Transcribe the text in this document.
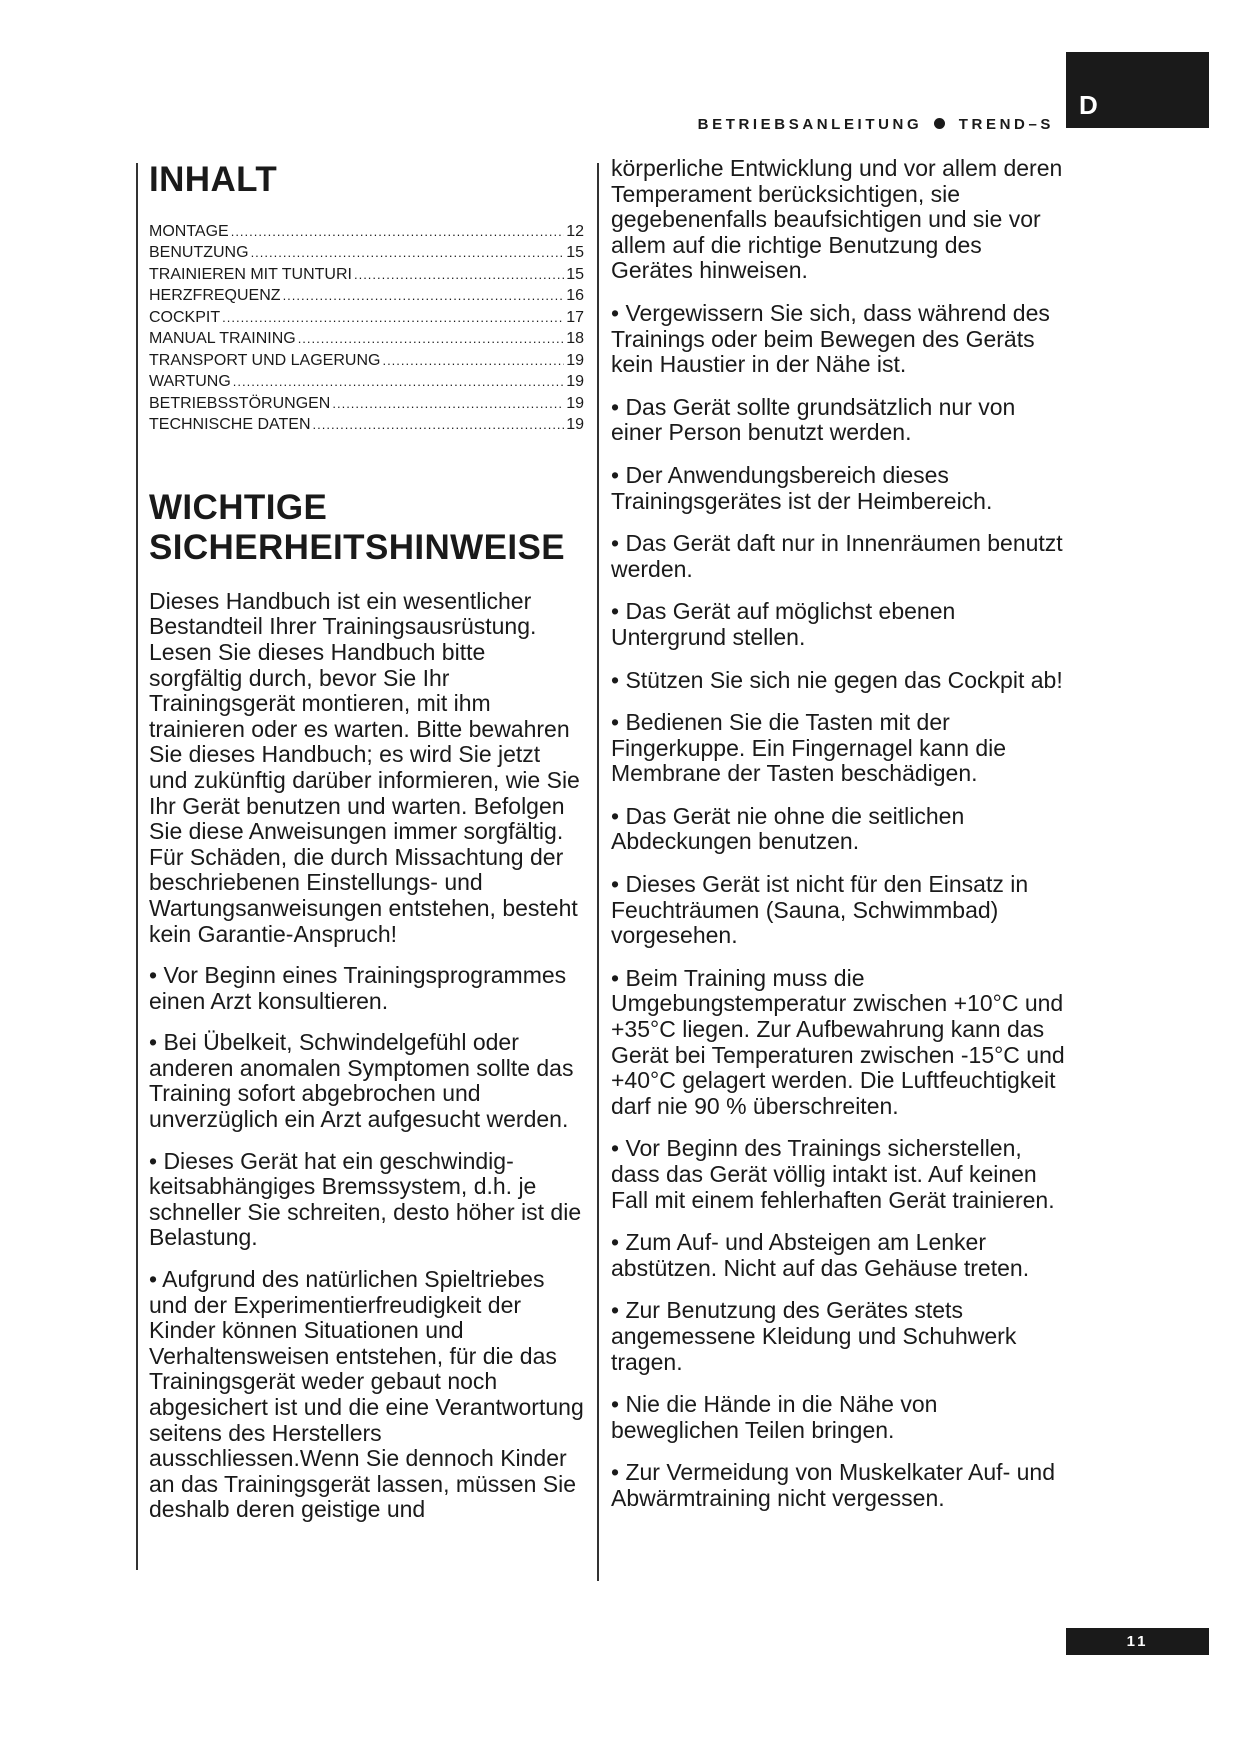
D
BETRIEBSANLEITUNG TREND–S
INHALT
MONTAGE .....	12
BENUTZUNG .....	15
TRAINIEREN MIT TUNTURI .....	15
HERZFREQUENZ .....	16
COCKPIT .....	17
MANUAL TRAINING .....	18
TRANSPORT UND LAGERUNG .....	19
WARTUNG .....	19
BETRIEBSSTÖRUNGEN .....	19
TECHNISCHE DATEN .....	19
WICHTIGE
SICHERHEITSHINWEISE

Dieses Handbuch ist ein wesentlicher Bestandteil Ihrer Trainingsausrüstung. Lesen Sie dieses Handbuch bitte sorgfältig durch, bevor Sie Ihr Trainingsgerät montieren, mit ihm trainieren oder es warten. Bitte bewahren Sie dieses Handbuch; es wird Sie jetzt und zukünftig darüber informieren, wie Sie Ihr Gerät benutzen und warten. Befolgen Sie diese Anweisungen immer sorgfältig. Für Schäden, die durch Missachtung der beschriebenen Einstellungs- und Wartungsanweisungen entstehen, besteht kein Garantie-Anspruch!

• Vor Beginn eines Trainingsprogrammes einen Arzt konsultieren.

• Bei Übelkeit, Schwindelgefühl oder anderen anomalen Symptomen sollte das Training sofort abgebrochen und unverzüglich ein Arzt aufgesucht werden.

• Dieses Gerät hat ein geschwindig-keitsabhängiges Bremssystem, d.h. je schneller Sie schreiten, desto höher ist die Belastung.

• Aufgrund des natürlichen Spieltriebes und der Experimentierfreudigkeit der Kinder können Situationen und Verhaltensweisen entstehen, für die das Trainingsgerät weder gebaut noch abgesichert ist und die eine Verantwortung seitens des Herstellers ausschliessen.Wenn Sie dennoch Kinder an das Trainingsgerät lassen, müssen Sie deshalb deren geistige und

körperliche Entwicklung und vor allem deren Temperament berücksichtigen, sie gegebenenfalls beaufsichtigen und sie vor allem auf die richtige Benutzung des Gerätes hinweisen.

• Vergewissern Sie sich, dass während des Trainings oder beim Bewegen des Geräts kein Haustier in der Nähe ist.

• Das Gerät sollte grundsätzlich nur von einer Person benutzt werden.

• Der Anwendungsbereich dieses Trainingsgerätes ist der Heimbereich.

• Das Gerät daft nur in Innenräumen benutzt werden.

• Das Gerät auf möglichst ebenen Untergrund stellen.

• Stützen Sie sich nie gegen das Cockpit ab!

• Bedienen Sie die Tasten mit der Fingerkuppe. Ein Fingernagel kann die Membrane der Tasten beschädigen.

• Das Gerät nie ohne die seitlichen Abdeckungen benutzen.

• Dieses Gerät ist nicht für den Einsatz in Feuchträumen (Sauna, Schwimmbad) vorgesehen.

• Beim Training muss die Umgebungstemperatur zwischen +10°C und +35°C liegen. Zur Aufbewahrung kann das Gerät bei Temperaturen zwischen -15°C und +40°C gelagert werden. Die Luftfeuchtigkeit darf nie 90 % überschreiten.

• Vor Beginn des Trainings sicherstellen, dass das Gerät völlig intakt ist. Auf keinen Fall mit einem fehlerhaften Gerät trainieren.

• Zum Auf- und Absteigen am Lenker abstützen. Nicht auf das Gehäuse treten.

• Zur Benutzung des Gerätes stets angemessene Kleidung und Schuhwerk tragen.

• Nie die Hände in die Nähe von beweglichen Teilen bringen.

• Zur Vermeidung von Muskelkater Auf- und Abwärmtraining nicht vergessen.

11
